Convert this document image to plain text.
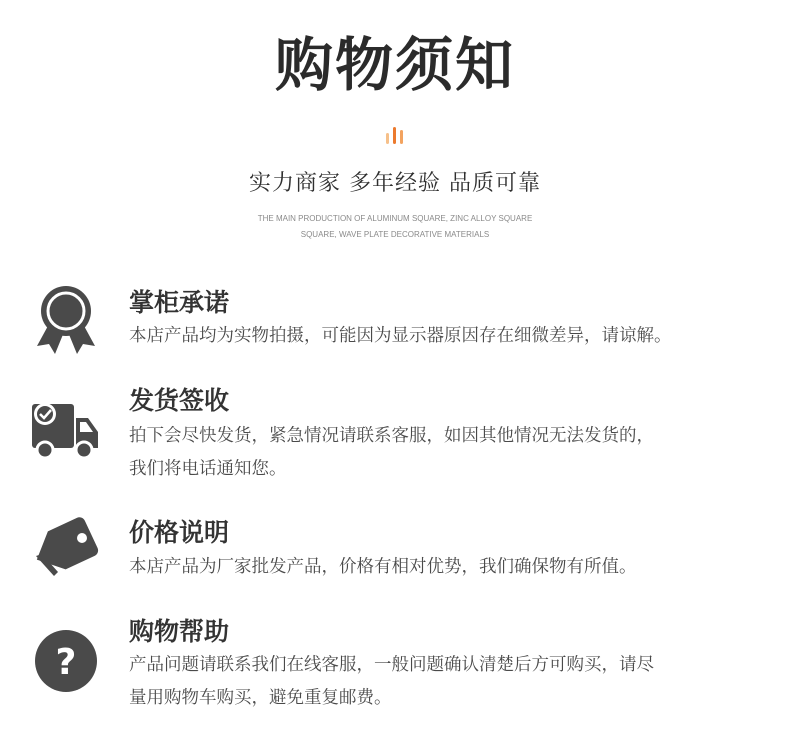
购物须知
实力商家 多年经验 品质可靠
THE MAIN PRODUCTION OF ALUMINUM SQUARE, ZINC ALLOY SQUARE
SQUARE, WAVE PLATE DECORATIVE MATERIALS
掌柜承诺
本店产品均为实物拍摄，可能因为显示器原因存在细微差异，请谅解。
发货签收
拍下会尽快发货，紧急情况请联系客服，如因其他情况无法发货的，
我们将电话通知您。
价格说明
本店产品为厂家批发产品，价格有相对优势，我们确保物有所值。
?
购物帮助
产品问题请联系我们在线客服，一般问题确认清楚后方可购买，请尽
量用购物车购买，避免重复邮费。
